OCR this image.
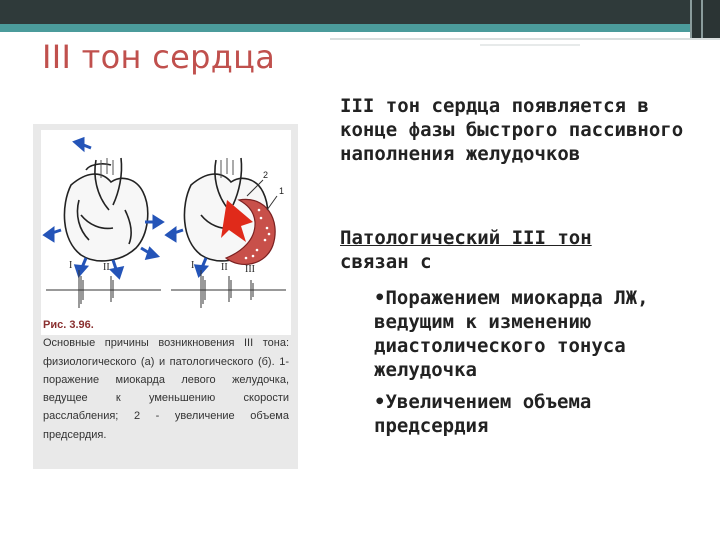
III тон сердца
I	II	I	II III
1
2
Рис. 3.96.
Основные причины возникновения III тона: физиологического (а) и патологического (б). 1-поражение миокарда левого желудочка, ведущее к уменьшению скорости расслабления; 2 - увеличение объема предсердия.
III тон сердца появляется в конце фазы быстрого пассивного наполнения желудочков
Патологический III тон
связан с
•Поражением миокарда ЛЖ, ведущим к изменению диастолического тонуса желудочка
•Увеличением объема предсердия
